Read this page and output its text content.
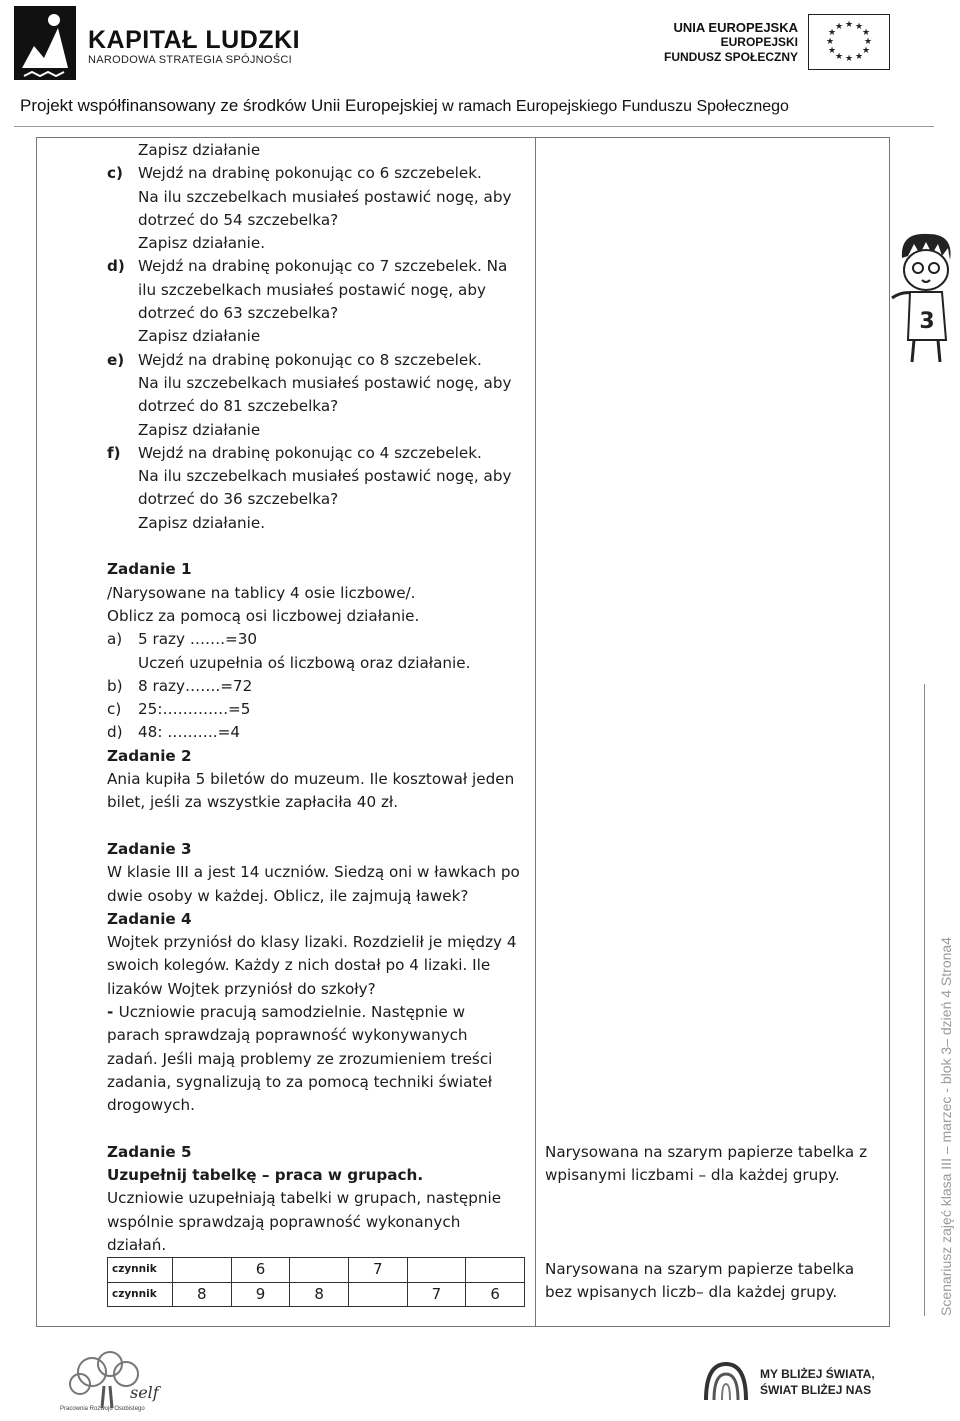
KAPITAŁ LUDZKI
NARODOWA STRATEGIA SPÓJNOŚCI
UNIA EUROPEJSKA
EUROPEJSKI
FUNDUSZ SPOŁECZNY
★ ★
★
★
★
★
★
★
★
★
★
★
Projekt współfinansowany ze środków Unii Europejskiej w ramach Europejskiego Funduszu Społecznego
Zapisz działanie
c) Wejdź na drabinę pokonując co 6 szczebelek.
Na ilu szczebelkach musiałeś postawić nogę, aby
dotrzeć do 54 szczebelka?
Zapisz działanie.
d) Wejdź na drabinę pokonując co 7 szczebelek. Na
ilu szczebelkach musiałeś postawić nogę, aby
dotrzeć do 63 szczebelka?
Zapisz działanie
e) Wejdź na drabinę pokonując co 8 szczebelek.
Na ilu szczebelkach musiałeś postawić nogę, aby
dotrzeć do 81 szczebelka?
Zapisz działanie
f) Wejdź na drabinę pokonując co 4 szczebelek.
Na ilu szczebelkach musiałeś postawić nogę, aby
dotrzeć do 36 szczebelka?
Zapisz działanie.
Zadanie 1
/Narysowane na tablicy 4 osie liczbowe/.
Oblicz za pomocą osi liczbowej działanie.
a) 5 razy …….=30
Uczeń uzupełnia oś liczbową oraz działanie.
b) 8 razy…….=72
c) 25:………….=5
d) 48: ……….=4
Zadanie 2
Ania kupiła 5 biletów do muzeum. Ile kosztował jeden
bilet, jeśli za wszystkie zapłaciła 40 zł.
Zadanie 3
W klasie III a jest 14 uczniów. Siedzą oni w ławkach po
dwie osoby w każdej. Oblicz, ile zajmują ławek?
Zadanie 4
Wojtek przyniósł do klasy lizaki. Rozdzielił je między 4
swoich kolegów. Każdy z nich dostał po 4 lizaki. Ile
lizaków Wojtek przyniósł do szkoły?
- Uczniowie pracują samodzielnie. Następnie w
parach sprawdzają poprawność wykonywanych
zadań. Jeśli mają problemy ze zrozumieniem treści
zadania, sygnalizują to za pomocą techniki świateł
drogowych.
Zadanie 5
Uzupełnij tabelkę – praca w grupach.
Uczniowie uzupełniają tabelki w grupach, następnie
wspólnie sprawdzają poprawność wykonanych
działań.
czynnik		6		7		
czynnik	8	9	8		7	6
Narysowana na szarym papierze tabelka z
wpisanymi liczbami – dla każdej grupy.
Narysowana na szarym papierze tabelka
bez wpisanych liczb– dla każdej grupy.
3
Scenariusz zajęć klasa III – marzec - blok 3– dzień 4 Strona4
self
Pracownia Rozwoju Osobistego
MY BLIŻEJ ŚWIATA,
ŚWIAT BLIŻEJ NAS
